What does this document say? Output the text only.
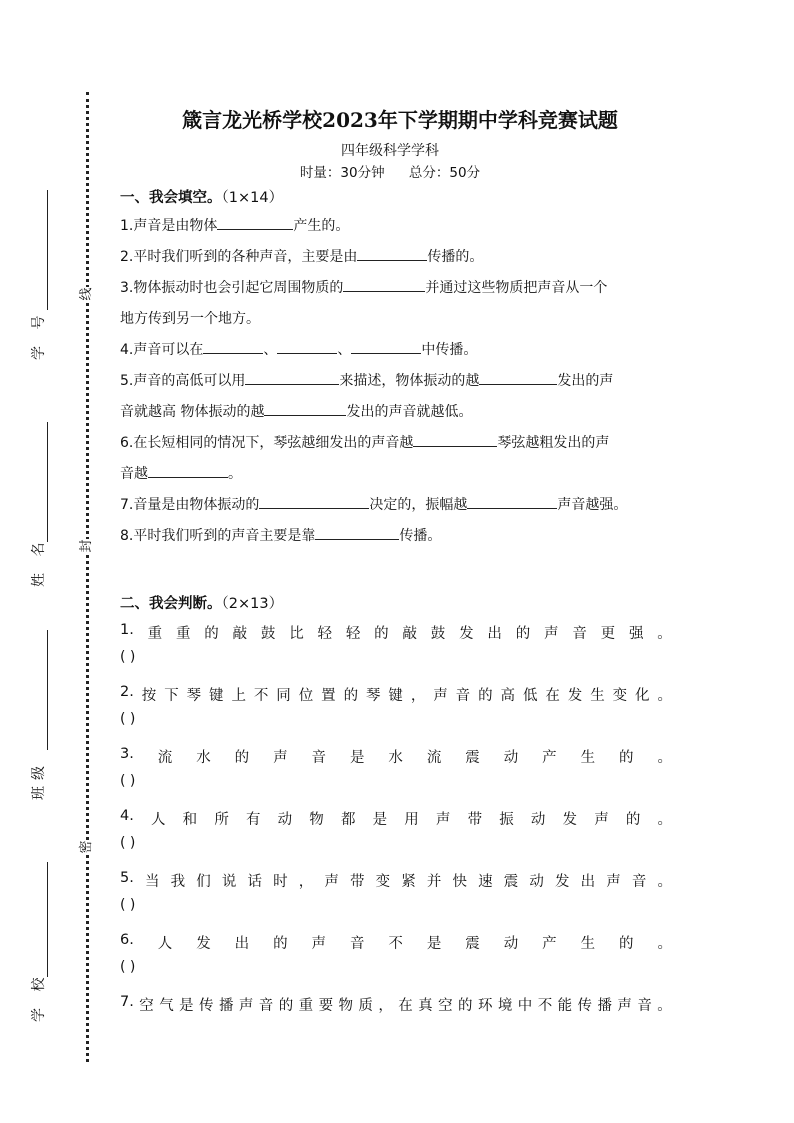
线
封
密
学 号
姓 名
班级
学 校
箴言龙光桥学校2023年下学期期中学科竞赛试题
四年级科学学科
时量：30分钟 总分：50分
一、我会填空。（1×14）
1.声音是由物体	产生的。
2.平时我们听到的各种声音，主要是由	传播的。
3.物体振动时也会引起它周围物质的	并通过这些物质把声音从一个
地方传到另一个地方。
4.声音可以在	、	、	中传播。
5.声音的高低可以用	来描述，物体振动的越	发出的声
音就越高 物体振动的越	发出的声音就越低。
6.在长短相同的情况下，琴弦越细发出的声音越	琴弦越粗发出的声
音越	。
7.音量是由物体振动的	决定的，振幅越	声音越强。
8.平时我们听到的声音主要是靠	传播。
二、我会判断。（2×13）
1. 重 重 的 敲 鼓 比 轻 轻 的 敲 鼓 发 出 的 声 音 更 强 。
( )
2. 按 下 琴 键 上 不 同 位 置 的 琴 键 ， 声 音 的 高 低 在 发 生 变 化 。
( )
3. 流 水 的 声 音 是 水 流 震 动 产 生 的 。
( )
4. 人 和 所 有 动 物 都 是 用 声 带 振 动 发 声 的 。
( )
5. 当 我 们 说 话 时 ， 声 带 变 紧 并 快 速 震 动 发 出 声 音 。
( )
6. 人 发 出 的 声 音 不 是 震 动 产 生 的 。
( )
7. 空 气 是 传 播 声 音 的 重 要 物 质 ， 在 真 空 的 环 境 中 不 能 传 播 声 音 。
